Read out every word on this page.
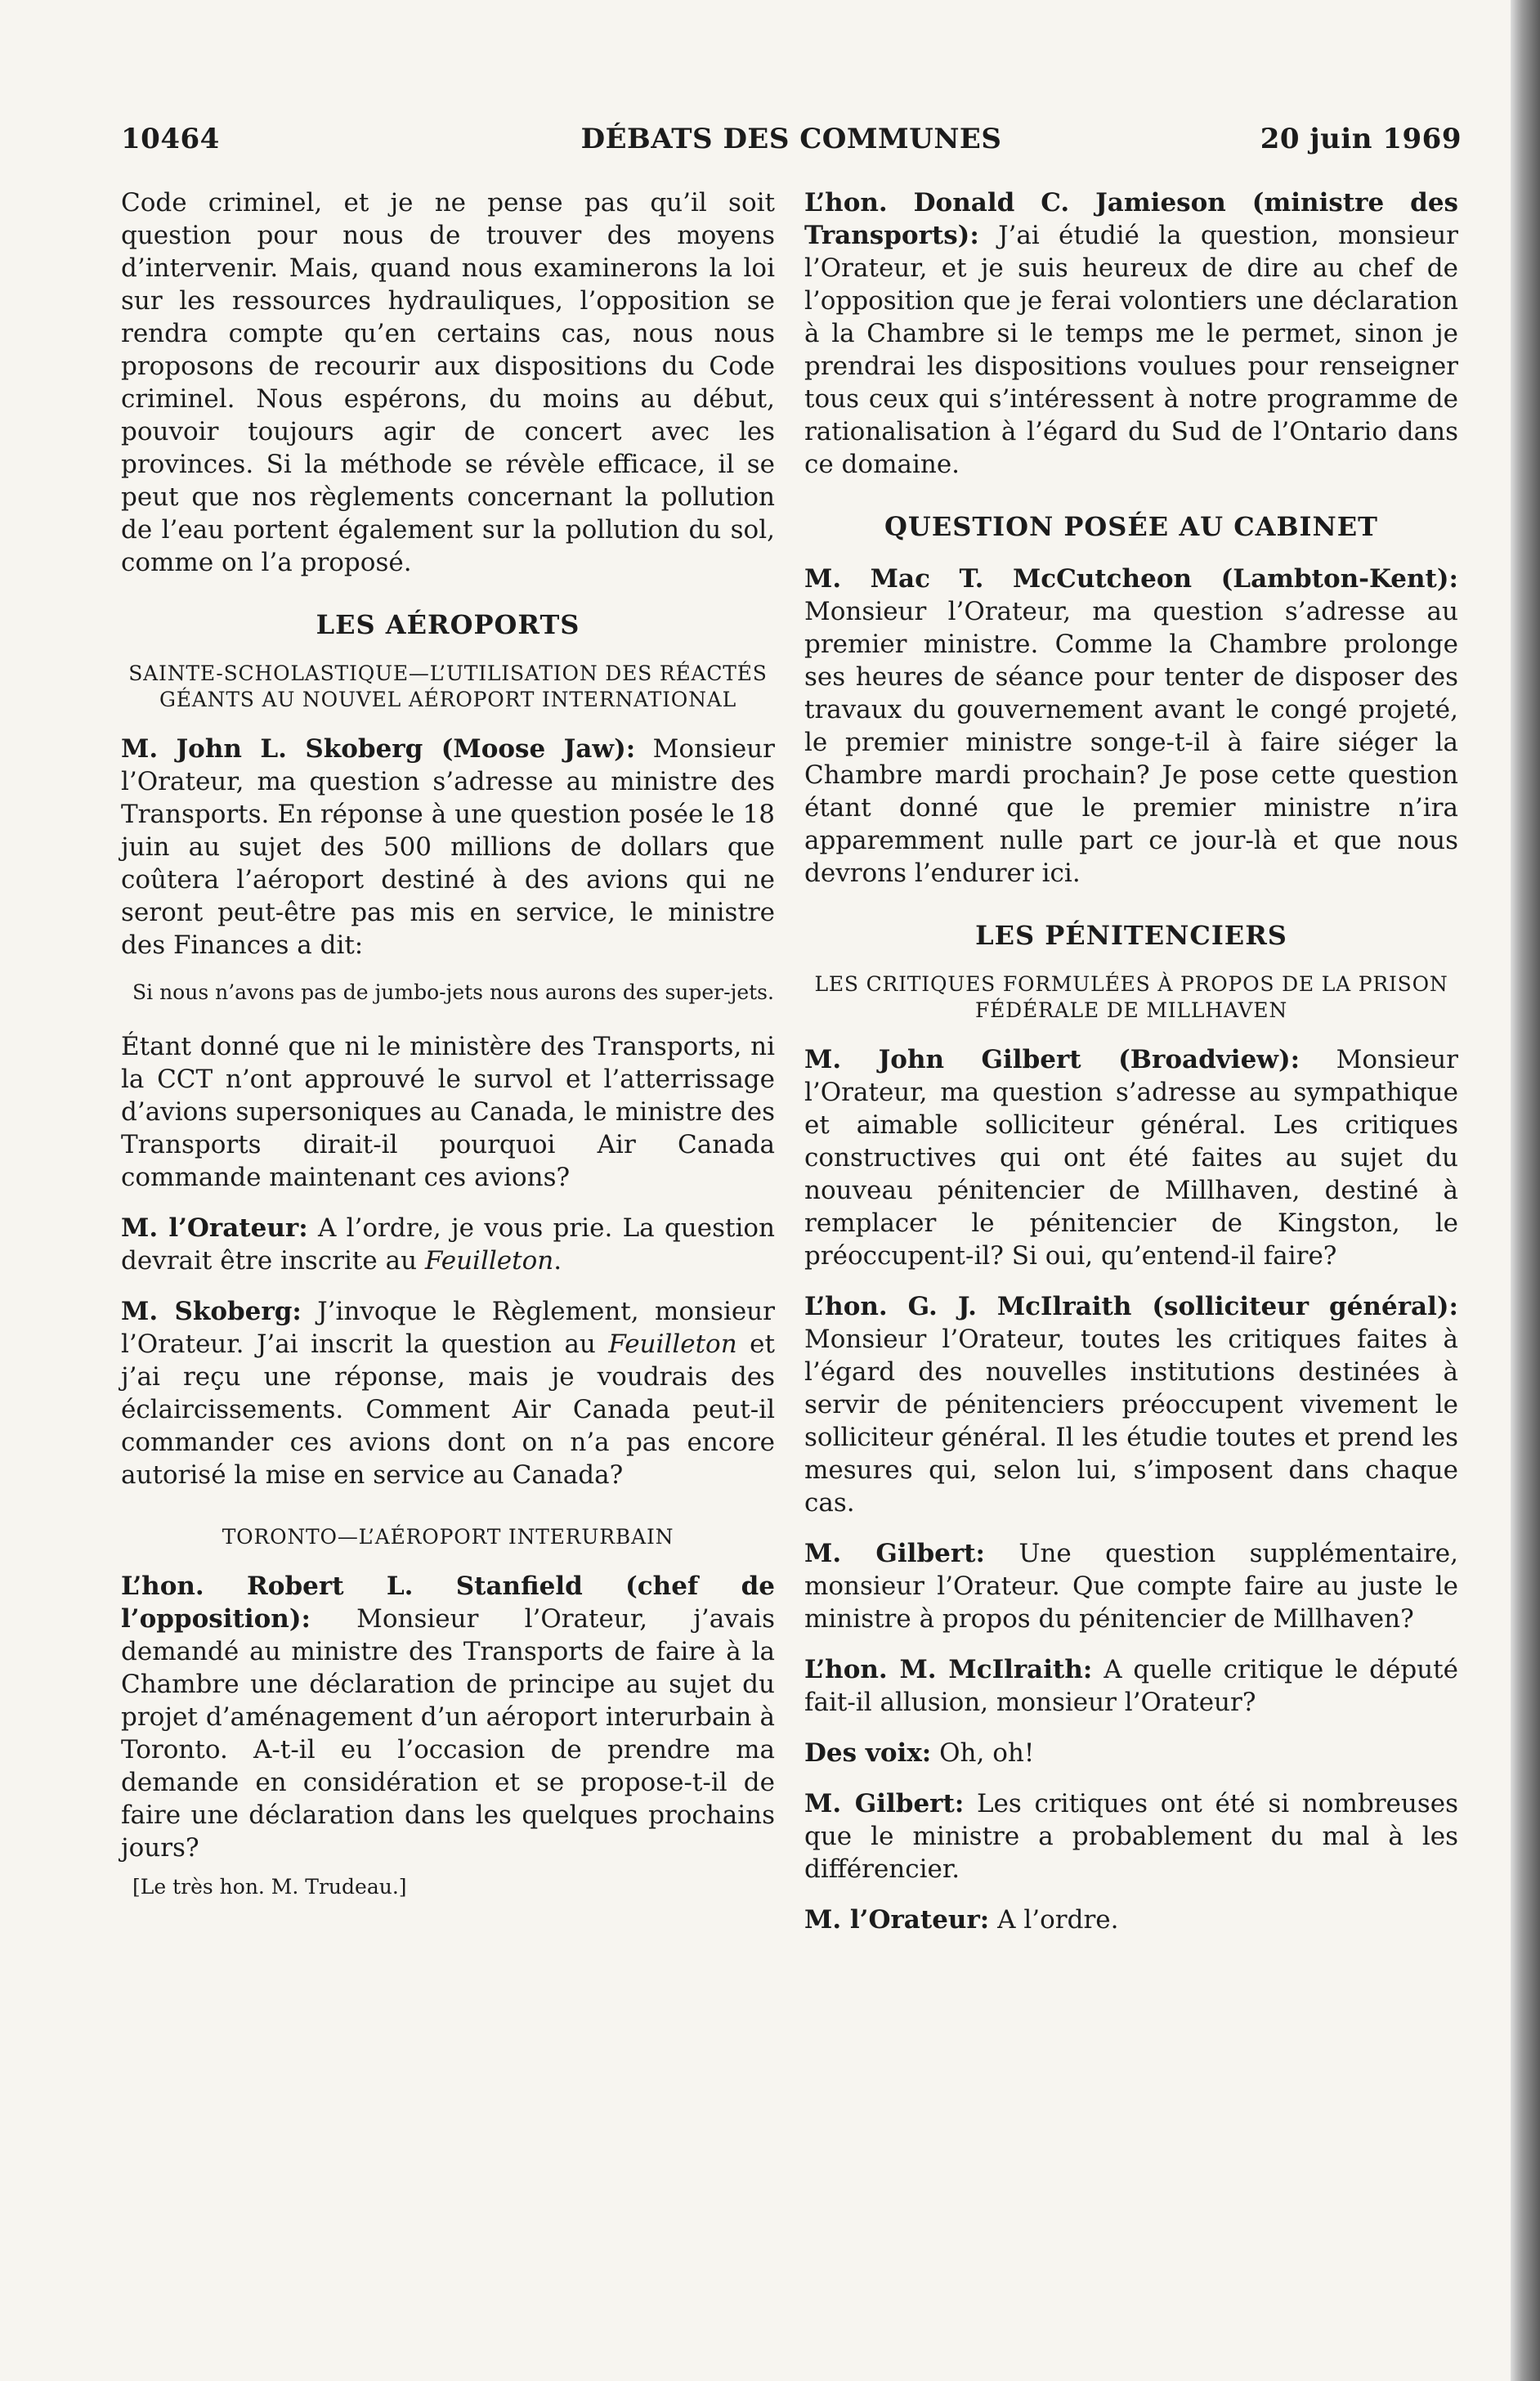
10464	DÉBATS DES COMMUNES	20 juin 1969

Code criminel, et je ne pense pas qu’il soit question pour nous de trouver des moyens d’intervenir. Mais, quand nous examinerons la loi sur les ressources hydrauliques, l’opposition se rendra compte qu’en certains cas, nous nous proposons de recourir aux dispositions du Code criminel. Nous espérons, du moins au début, pouvoir toujours agir de concert avec les provinces. Si la méthode se révèle efficace, il se peut que nos règlements concernant la pollution de l’eau portent également sur la pollution du sol, comme on l’a proposé.

LES AÉROPORTS
SAINTE-SCHOLASTIQUE—L’UTILISATION DES RÉACTÉS GÉANTS AU NOUVEL AÉROPORT INTERNATIONAL

M. John L. Skoberg (Moose Jaw): Monsieur l’Orateur, ma question s’adresse au ministre des Transports. En réponse à une question posée le 18 juin au sujet des 500 millions de dollars que coûtera l’aéroport destiné à des avions qui ne seront peut-être pas mis en service, le ministre des Finances a dit:

Si nous n’avons pas de jumbo-jets nous aurons des super-jets.

Étant donné que ni le ministère des Transports, ni la CCT n’ont approuvé le survol et l’atterrissage d’avions supersoniques au Canada, le ministre des Transports dirait-il pourquoi Air Canada commande maintenant ces avions?

M. l’Orateur: A l’ordre, je vous prie. La question devrait être inscrite au Feuilleton.

M. Skoberg: J’invoque le Règlement, monsieur l’Orateur. J’ai inscrit la question au Feuilleton et j’ai reçu une réponse, mais je voudrais des éclaircissements. Comment Air Canada peut-il commander ces avions dont on n’a pas encore autorisé la mise en service au Canada?

TORONTO—L’AÉROPORT INTERURBAIN

L’hon. Robert L. Stanfield (chef de l’opposition): Monsieur l’Orateur, j’avais demandé au ministre des Transports de faire à la Chambre une déclaration de principe au sujet du projet d’aménagement d’un aéroport interurbain à Toronto. A-t-il eu l’occasion de prendre ma demande en considération et se propose-t-il de faire une déclaration dans les quelques prochains jours?

[Le très hon. M. Trudeau.]

L’hon. Donald C. Jamieson (ministre des Transports): J’ai étudié la question, monsieur l’Orateur, et je suis heureux de dire au chef de l’opposition que je ferai volontiers une déclaration à la Chambre si le temps me le permet, sinon je prendrai les dispositions voulues pour renseigner tous ceux qui s’intéressent à notre programme de rationalisation à l’égard du Sud de l’Ontario dans ce domaine.

QUESTION POSÉE AU CABINET

M. Mac T. McCutcheon (Lambton-Kent): Monsieur l’Orateur, ma question s’adresse au premier ministre. Comme la Chambre prolonge ses heures de séance pour tenter de disposer des travaux du gouvernement avant le congé projeté, le premier ministre songe-t-il à faire siéger la Chambre mardi prochain? Je pose cette question étant donné que le premier ministre n’ira apparemment nulle part ce jour-là et que nous devrons l’endurer ici.

LES PÉNITENCIERS
LES CRITIQUES FORMULÉES À PROPOS DE LA PRISON FÉDÉRALE DE MILLHAVEN

M. John Gilbert (Broadview): Monsieur l’Orateur, ma question s’adresse au sympathique et aimable solliciteur général. Les critiques constructives qui ont été faites au sujet du nouveau pénitencier de Millhaven, destiné à remplacer le pénitencier de Kingston, le préoccupent-il? Si oui, qu’entend-il faire?

L’hon. G. J. McIlraith (solliciteur général): Monsieur l’Orateur, toutes les critiques faites à l’égard des nouvelles institutions destinées à servir de pénitenciers préoccupent vivement le solliciteur général. Il les étudie toutes et prend les mesures qui, selon lui, s’imposent dans chaque cas.

M. Gilbert: Une question supplémentaire, monsieur l’Orateur. Que compte faire au juste le ministre à propos du pénitencier de Millhaven?

L’hon. M. McIlraith: A quelle critique le député fait-il allusion, monsieur l’Orateur?

Des voix: Oh, oh!

M. Gilbert: Les critiques ont été si nombreuses que le ministre a probablement du mal à les différencier.

M. l’Orateur: A l’ordre.
